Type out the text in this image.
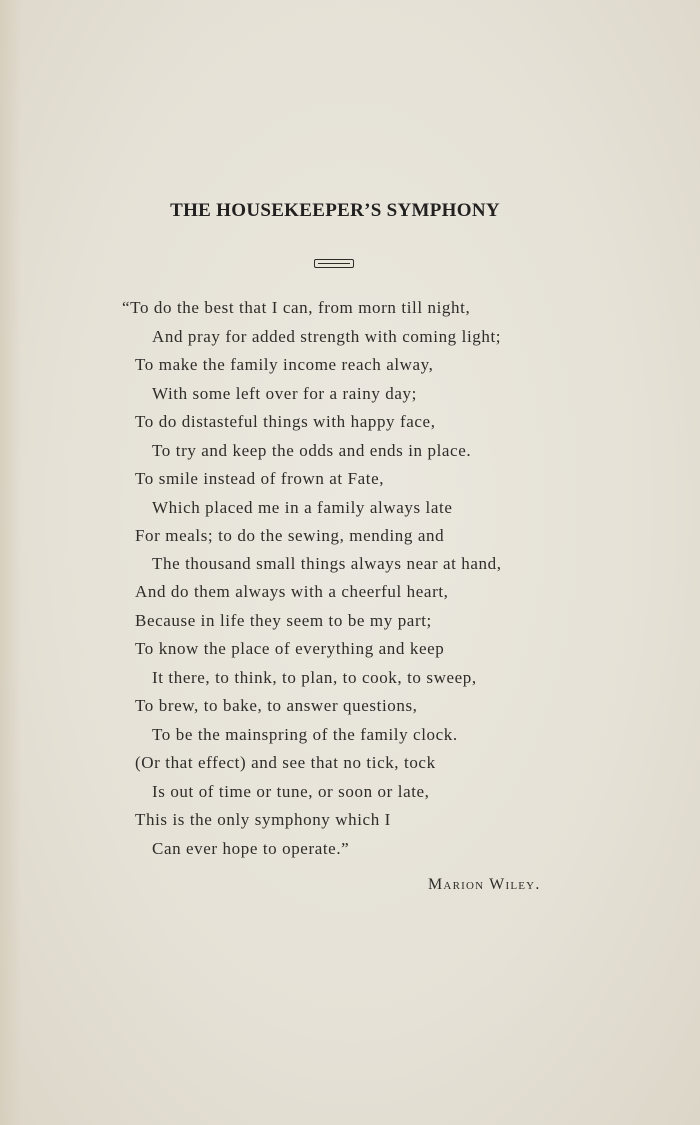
THE HOUSEKEEPER’S SYMPHONY
“To do the best that I can, from morn till night,
And pray for added strength with coming light;
To make the family income reach alway,
With some left over for a rainy day;
To do distasteful things with happy face,
To try and keep the odds and ends in place.
To smile instead of frown at Fate,
Which placed me in a family always late
For meals; to do the sewing, mending and
The thousand small things always near at hand,
And do them always with a cheerful heart,
Because in life they seem to be my part;
To know the place of everything and keep
It there, to think, to plan, to cook, to sweep,
To brew, to bake, to answer questions,
To be the mainspring of the family clock.
(Or that effect) and see that no tick, tock
Is out of time or tune, or soon or late,
This is the only symphony which I
Can ever hope to operate.”
Marion Wiley.
